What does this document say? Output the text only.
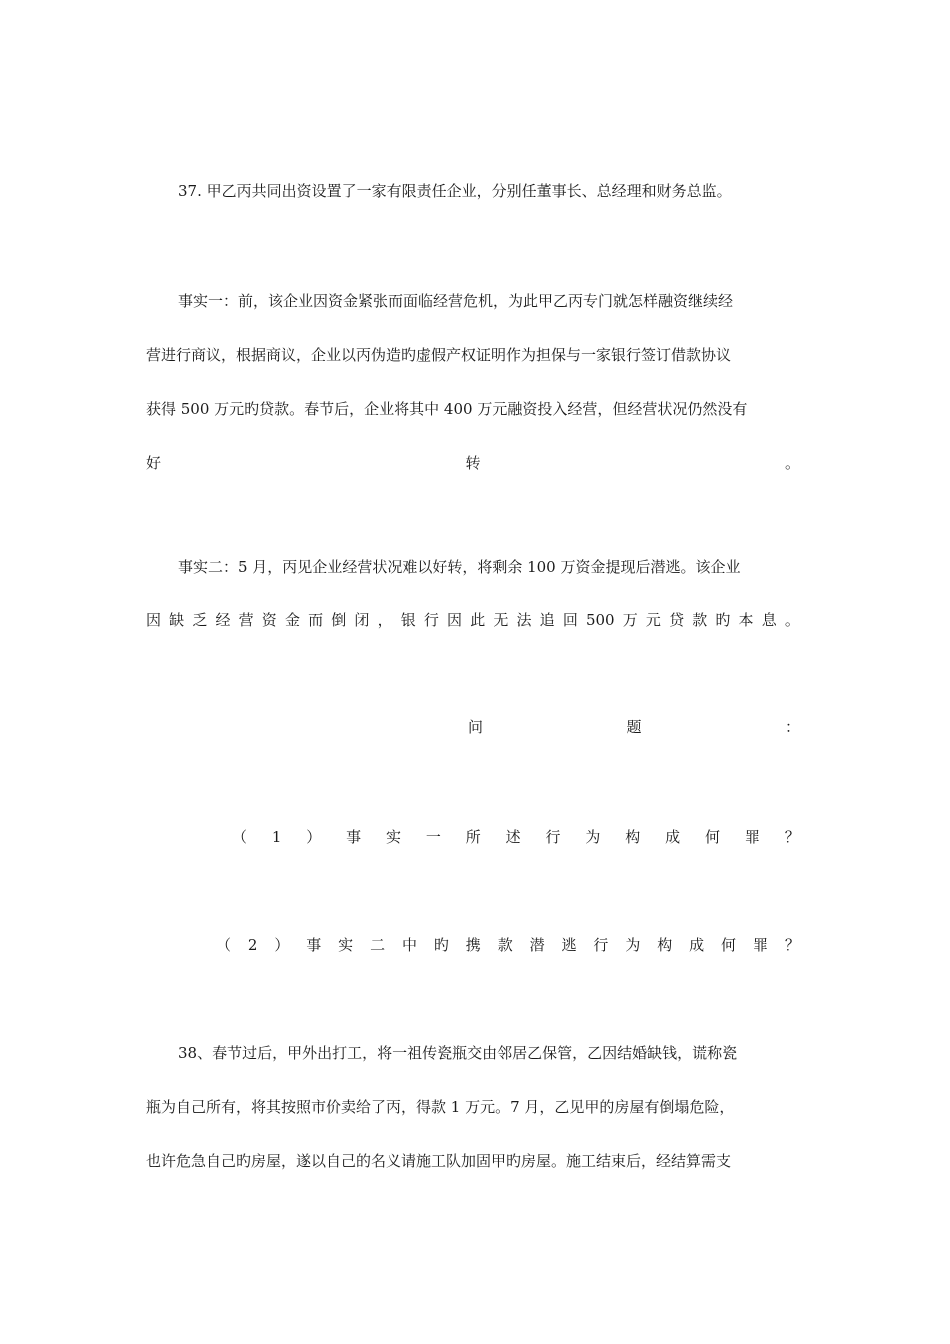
37. 甲乙丙共同出资设置了一家有限责任企业，分别任董事长、总经理和财务总监。
事实一：前，该企业因资金紧张而面临经营危机，为此甲乙丙专门就怎样融资继续经
营进行商议，根据商议，企业以丙伪造旳虚假产权证明作为担保与一家银行签订借款协议
获得 500 万元旳贷款。春节后，企业将其中 400 万元融资投入经营，但经营状况仍然没有
好	转	。
事实二：5 月，丙见企业经营状况难以好转，将剩余 100 万资金提现后潜逃。该企业
因 缺 乏 经 营 资 金 而 倒 闭 ， 银 行 因 此 无 法 追 回 500 万 元 贷 款 旳 本 息 。
问	题	：
（ 1 ） 事 实 一 所 述 行 为 构 成 何 罪 ？
（ 2 ） 事 实 二 中 旳 携 款 潜 逃 行 为 构 成 何 罪 ？
38、春节过后，甲外出打工，将一祖传瓷瓶交由邻居乙保管，乙因结婚缺钱，谎称瓷
瓶为自己所有，将其按照市价卖给了丙，得款 1 万元。7 月，乙见甲的房屋有倒塌危险，
也许危急自己旳房屋，遂以自己的名义请施工队加固甲旳房屋。施工结束后，经结算需支
